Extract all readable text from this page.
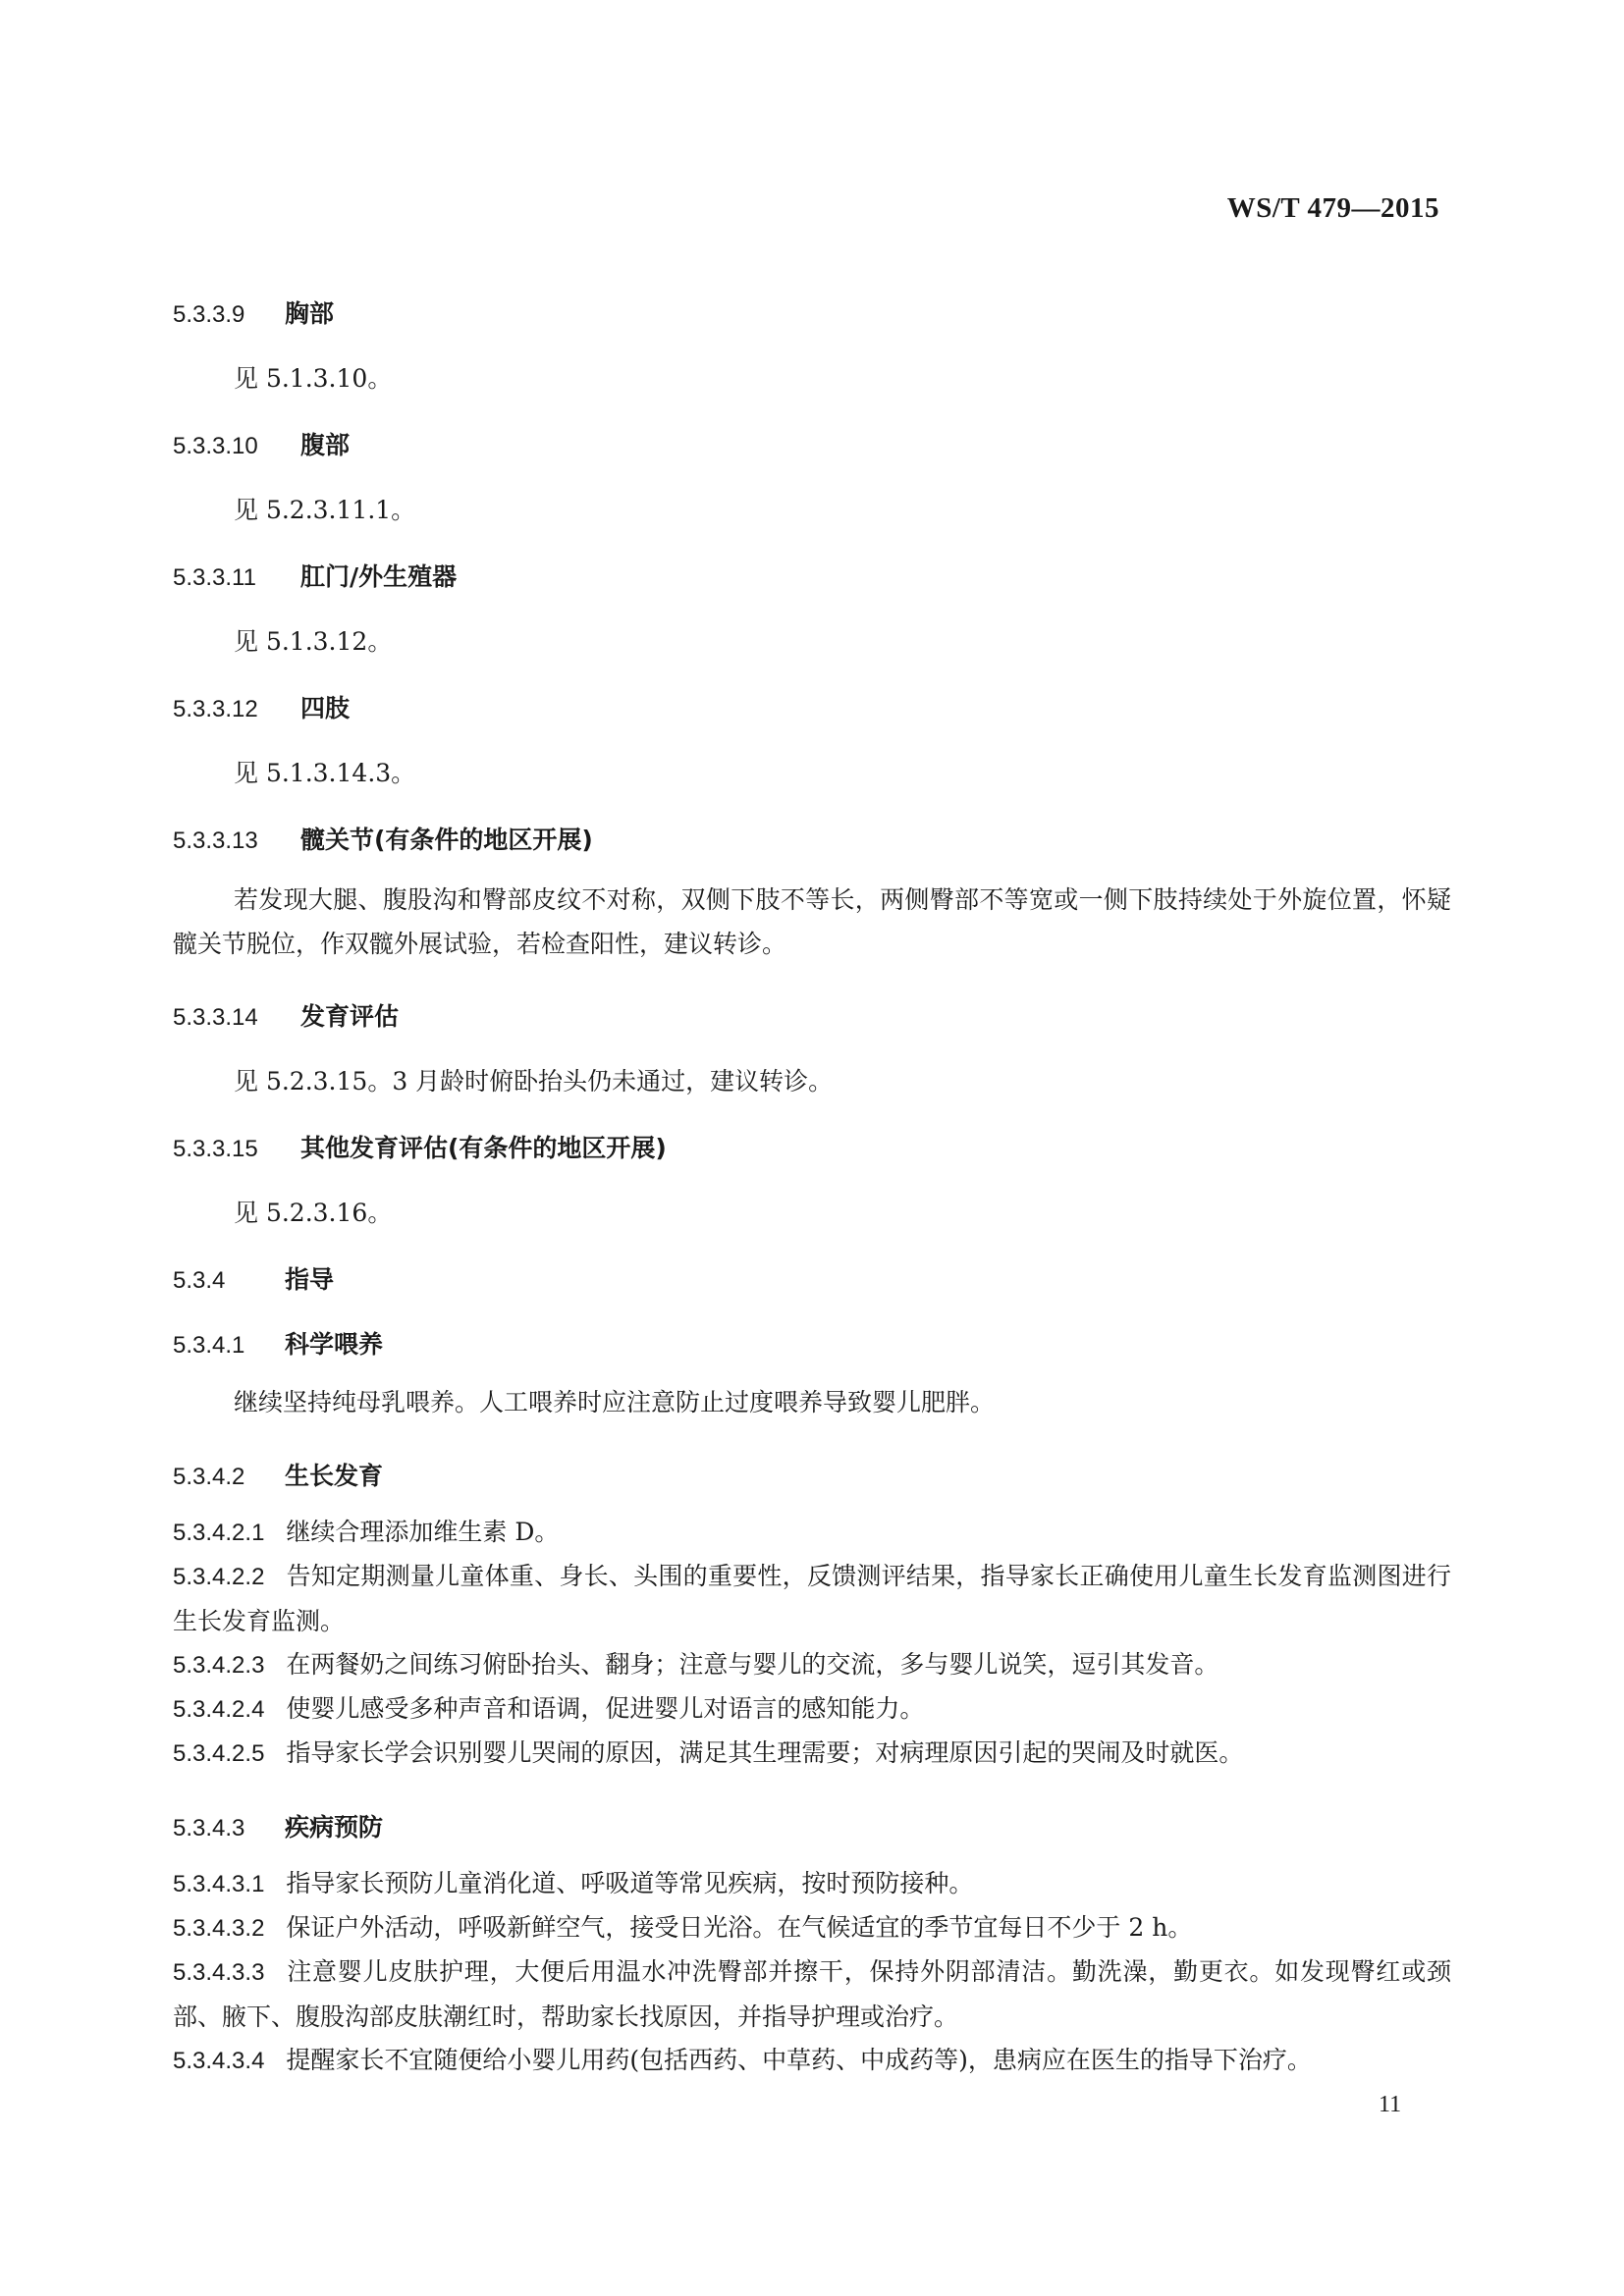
WS/T 479—2015
5.3.3.9 胸部
见 5.1.3.10。
5.3.3.10 腹部
见 5.2.3.11.1。
5.3.3.11 肛门/外生殖器
见 5.1.3.12。
5.3.3.12 四肢
见 5.1.3.14.3。
5.3.3.13 髋关节(有条件的地区开展)
若发现大腿、腹股沟和臀部皮纹不对称，双侧下肢不等长，两侧臀部不等宽或一侧下肢持续处于外旋位置，怀疑髋关节脱位，作双髋外展试验，若检查阳性，建议转诊。
5.3.3.14 发育评估
见 5.2.3.15。3 月龄时俯卧抬头仍未通过，建议转诊。
5.3.3.15 其他发育评估(有条件的地区开展)
见 5.2.3.16。
5.3.4 指导
5.3.4.1 科学喂养
继续坚持纯母乳喂养。人工喂养时应注意防止过度喂养导致婴儿肥胖。
5.3.4.2 生长发育
5.3.4.2.1 继续合理添加维生素 D。
5.3.4.2.2 告知定期测量儿童体重、身长、头围的重要性，反馈测评结果，指导家长正确使用儿童生长发育监测图进行生长发育监测。
5.3.4.2.3 在两餐奶之间练习俯卧抬头、翻身；注意与婴儿的交流，多与婴儿说笑，逗引其发音。
5.3.4.2.4 使婴儿感受多种声音和语调，促进婴儿对语言的感知能力。
5.3.4.2.5 指导家长学会识别婴儿哭闹的原因，满足其生理需要；对病理原因引起的哭闹及时就医。
5.3.4.3 疾病预防
5.3.4.3.1 指导家长预防儿童消化道、呼吸道等常见疾病，按时预防接种。
5.3.4.3.2 保证户外活动，呼吸新鲜空气，接受日光浴。在气候适宜的季节宜每日不少于 2 h。
5.3.4.3.3 注意婴儿皮肤护理，大便后用温水冲洗臀部并擦干，保持外阴部清洁。勤洗澡，勤更衣。如发现臀红或颈部、腋下、腹股沟部皮肤潮红时，帮助家长找原因，并指导护理或治疗。
5.3.4.3.4 提醒家长不宜随便给小婴儿用药(包括西药、中草药、中成药等)，患病应在医生的指导下治疗。
11
